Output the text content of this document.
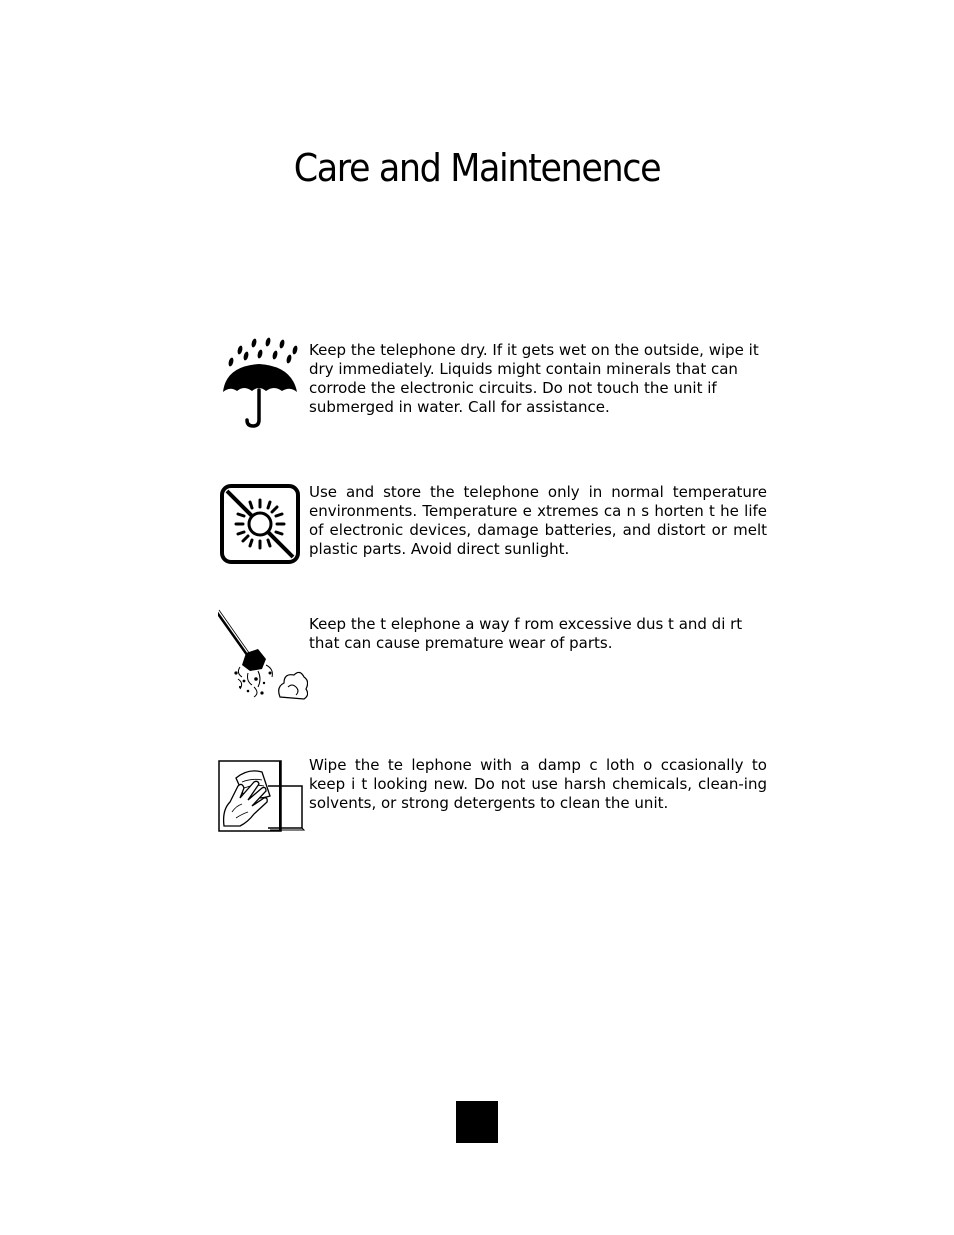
Care and Maintenence

Keep the telephone dry. If it gets wet on the outside, wipe it dry immediately. Liquids might contain minerals that can corrode the electronic circuits. Do not touch the unit if submerged in water. Call for assistance.

Use and store the telephone only in normal temperature environments. Temperature e xtremes ca n s horten t he life of electronic devices, damage batteries, and distort or melt plastic parts. Avoid direct sunlight.

Keep the t elephone a way f rom excessive dus t and di rt that can cause premature wear of parts.

Wipe the te lephone with a damp c loth o ccasionally to keep i t looking new. Do not use harsh chemicals, clean-ing solvents, or strong detergents to clean the unit.
